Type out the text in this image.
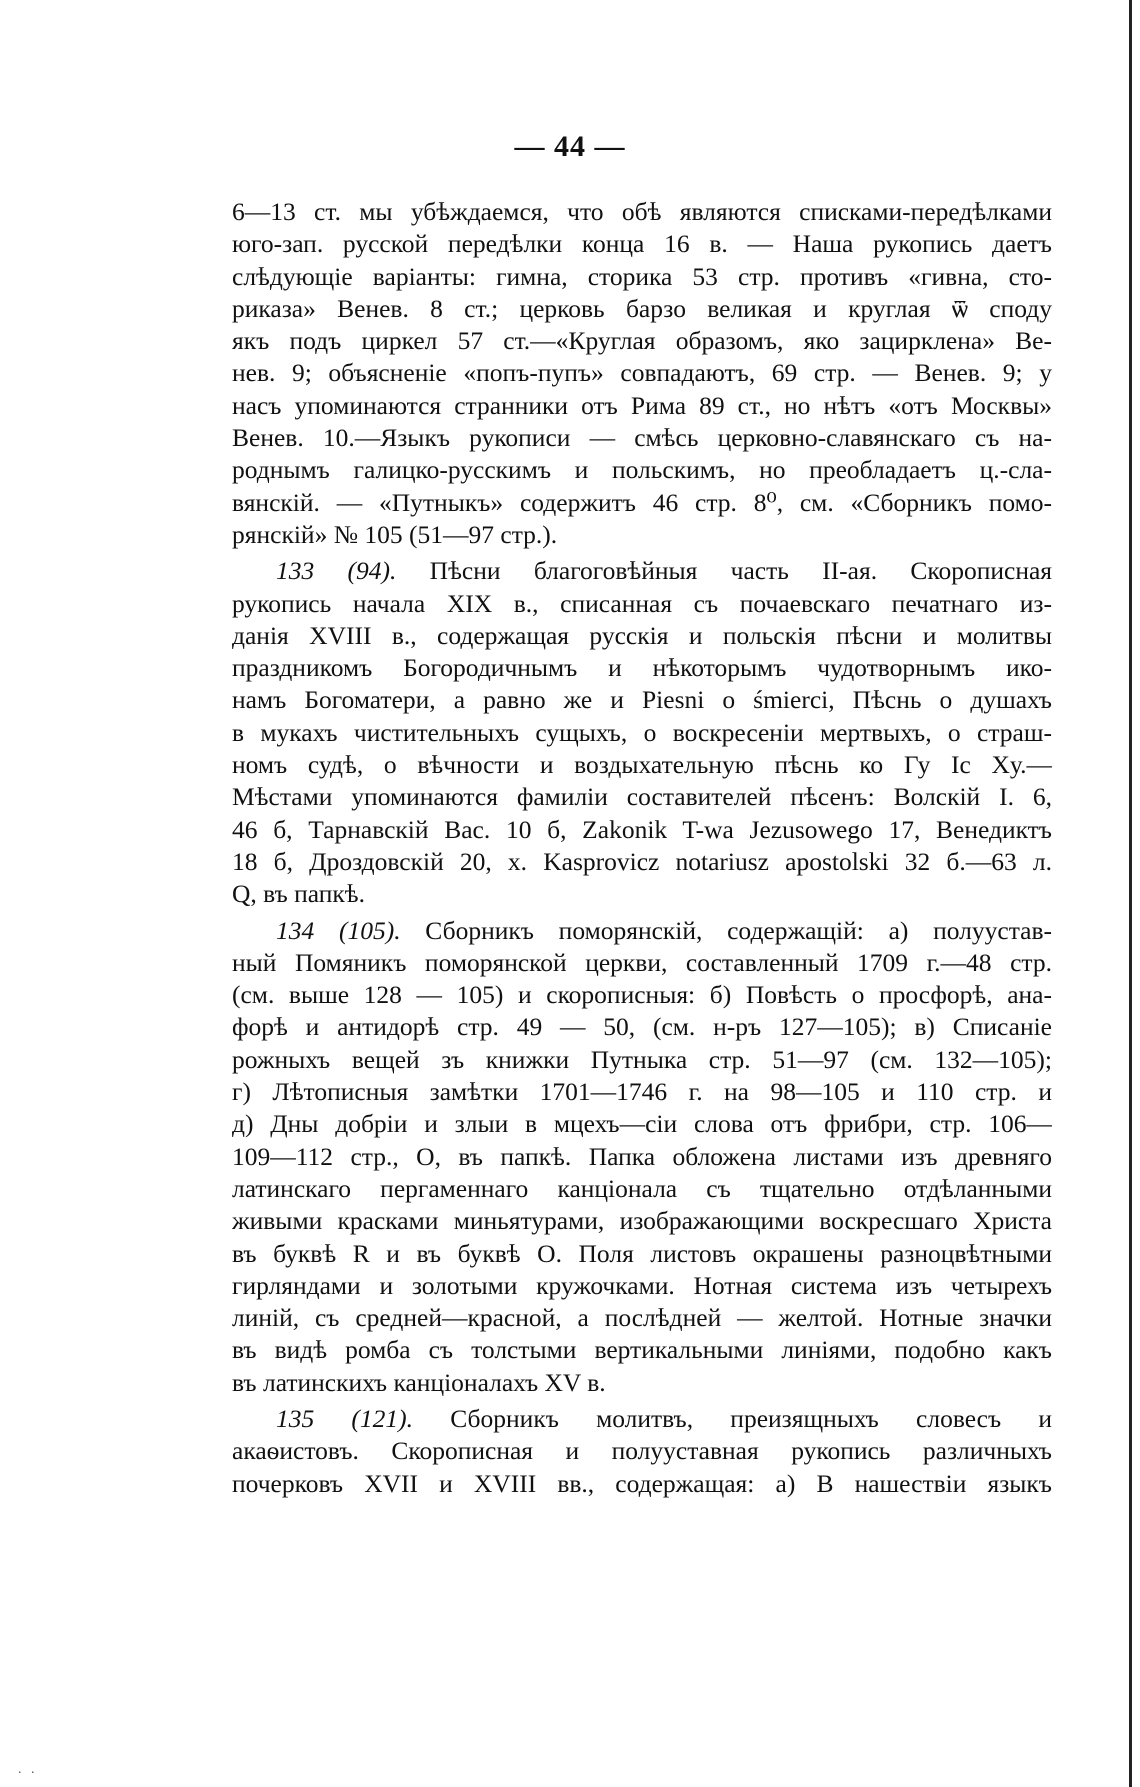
— 44 —
6—13 ст. мы убѣждаемся, что обѣ являются списками-передѣлками
юго-зап. русской передѣлки конца 16 в. — Наша рукопись даетъ
слѣдующіе варіанты: гимна, сторика 53 стр. противъ «гивна, сто-
риказа» Венев. 8 ст.; церковь барзо великая и круглая ѿ споду
якъ подъ циркел 57 ст.—«Круглая образомъ, яко зациркленa» Ве-
нев. 9; объясненіе «попъ-пупъ» совпадаютъ, 69 стр. — Венев. 9; у
насъ упоминаются странники отъ Рима 89 ст., но нѣтъ «отъ Москвы»
Венев. 10.—Языкъ рукописи — смѣсь церковно-славянскаго съ на-
роднымъ галицко-русскимъ и польскимъ, но преобладаетъ ц.-сла-
вянскій. — «Путныкъ» содержитъ 46 стр. 8⁰, см. «Сборникъ помо-
рянскій» № 105 (51—97 стр.).
133 (94). Пѣсни благоговѣйныя часть II-ая. Скорописная
рукопись начала XIX в., списанная съ почаевскаго печатнаго из-
данія XVIII в., содержащая русскія и польскія пѣсни и молитвы
праздникомъ Богородичнымъ и нѣкоторымъ чудотворнымъ ико-
намъ Богоматери, а равно же и Piesni o śmierci, Пѣснь о душахъ
в мукахъ чистительныхъ сущыхъ, о воскресеніи мертвыхъ, о страш-
номъ судѣ, о вѣчности и воздыхательную пѣснь ко Гу Ic Xу.—
Мѣстами упоминаются фамиліи составителей пѣсенъ: Волскій I. 6,
46 б, Тарнавскій Вас. 10 б, Zakonik T-wa Jezusowego 17, Венедиктъ
18 б, Дроздовскій 20, х. Kasprovicz notariusz apostolski 32 б.—63 л.
Q, въ папкѣ.
134 (105). Сборникъ поморянскій, содержащій: а) полуустав-
ный Помяникъ поморянской церкви, составленный 1709 г.—48 стр.
(см. выше 128 — 105) и скорописныя: б) Повѣсть о просфорѣ, ана-
форѣ и антидорѣ стр. 49 — 50, (см. н-ръ 127—105); в) Списаніе
рожныхъ вещей зъ книжки Путныка стр. 51—97 (см. 132—105);
г) Лѣтописныя замѣтки 1701—1746 г. на 98—105 и 110 стр. и
д) Дны добріи и злыи в мцехъ—сіи слова отъ фрибри, стр. 106—
109—112 стр., О, въ папкѣ. Папка обложена листами изъ древняго
латинскаго пергаменнаго канціонала съ тщательно отдѣланными
живыми красками миньятурами, изображающими воскресшаго Христа
въ буквѣ R и въ буквѣ О. Поля листовъ окрашены разноцвѣтными
гирляндами и золотыми кружочками. Нотная система изъ четырехъ
линій, съ средней—красной, а послѣдней — желтой. Нотные значки
въ видѣ ромба съ толстыми вертикальными линіями, подобно какъ
въ латинскихъ канціоналахъ XV в.
135 (121). Сборникъ молитвъ, преизящныхъ словесъ и
акаѳистовъ. Скорописная и полууставная рукопись различныхъ
почерковъ XVII и XVIII вв., содержащая: а) В нашествіи языкъ
. .
